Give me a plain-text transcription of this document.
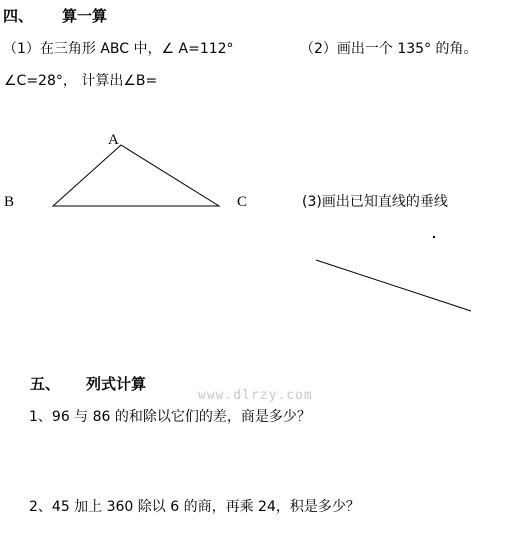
四、 算一算
（1）在三角形 ABC 中，∠ A=112°
∠C=28°， 计算出∠B=
（2）画出一个 135° 的角。
A
B	C	(3)画出已知直线的垂线
www.dlrzy.com
五、 列式计算
1、96 与 86 的和除以它们的差，商是多少？
2、45 加上 360 除以 6 的商，再乘 24，积是多少？
